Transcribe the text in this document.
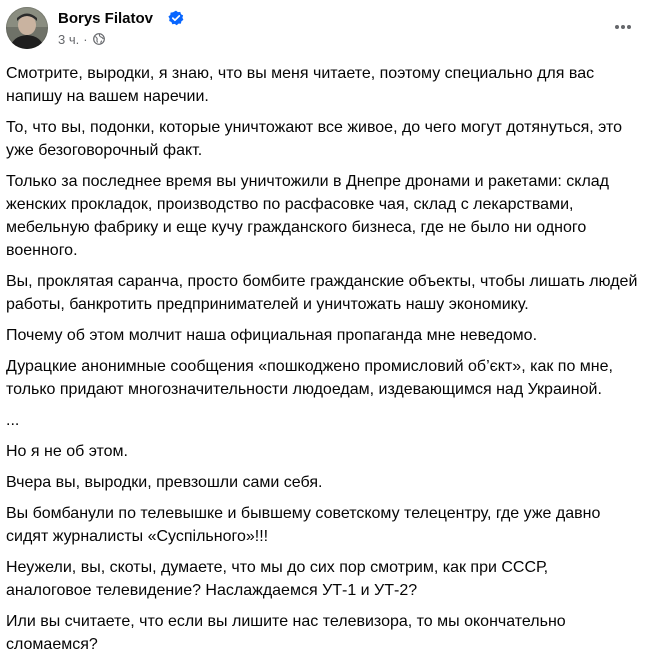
Borys Filatov
3 ч. ·

Смотрите, выродки, я знаю, что вы меня читаете, поэтому специально для вас напишу на вашем наречии.

То, что вы, подонки, которые уничтожают все живое, до чего могут дотянуться, это уже безоговорочный факт.

Только за последнее время вы уничтожили в Днепре дронами и ракетами: склад женских прокладок, производство по расфасовке чая, склад с лекарствами, мебельную фабрику и еще кучу гражданского бизнеса, где не было ни одного военного.

Вы, проклятая саранча, просто бомбите гражданские объекты, чтобы лишать людей работы, банкротить предпринимателей и уничтожать нашу экономику.

Почему об этом молчит наша официальная пропаганда мне неведомо.

Дурацкие анонимные сообщения «пошкоджено промисловий об’єкт», как по мне, только придают многозначительности людоедам, издевающимся над Украиной.

...

Но я не об этом.

Вчера вы, выродки, превзошли сами себя.

Вы бомбанули по телевышке и бывшему советскому телецентру, где уже давно сидят журналисты «Суспільного»!!!

Неужели, вы, скоты, думаете, что мы до сих пор смотрим, как при СССР, аналоговое телевидение? Наслаждаемся УТ-1 и УТ-2?

Или вы считаете, что если вы лишите нас телевизора, то мы окончательно сломаемся?
